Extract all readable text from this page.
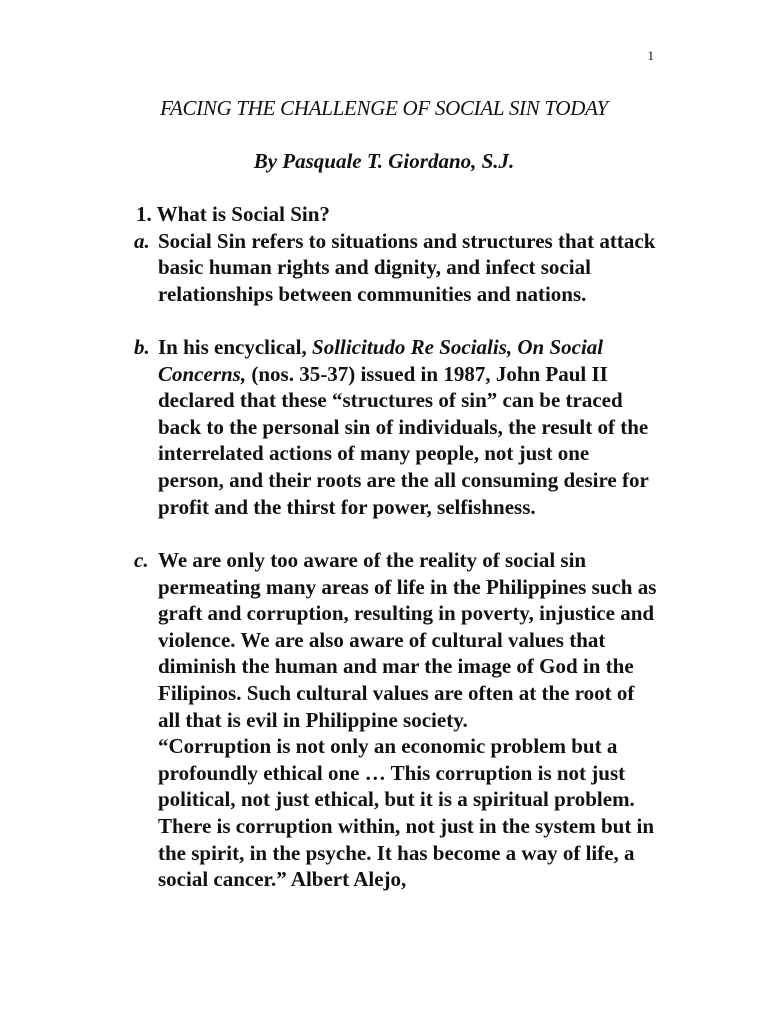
1
FACING THE CHALLENGE OF SOCIAL SIN TODAY
By Pasquale T. Giordano, S.J.
1. What is Social Sin?
a. Social Sin refers to situations and structures that attack basic human rights and dignity, and infect social relationships between communities and nations.

b. In his encyclical, Sollicitudo Re Socialis, On Social Concerns, (nos. 35-37) issued in 1987, John Paul II declared that these “structures of sin” can be traced back to the personal sin of individuals, the result of the interrelated actions of many people, not just one person, and their roots are the all consuming desire for profit and the thirst for power, selfishness.

c. We are only too aware of the reality of social sin permeating many areas of life in the Philippines such as graft and corruption, resulting in poverty, injustice and violence. We are also aware of cultural values that diminish the human and mar the image of God in the Filipinos. Such cultural values are often at the root of all that is evil in Philippine society.

“Corruption is not only an economic problem but a profoundly ethical one … This corruption is not just political, not just ethical, but it is a spiritual problem. There is corruption within, not just in the system but in the spirit, in the psyche. It has become a way of life, a social cancer.” Albert Alejo,
